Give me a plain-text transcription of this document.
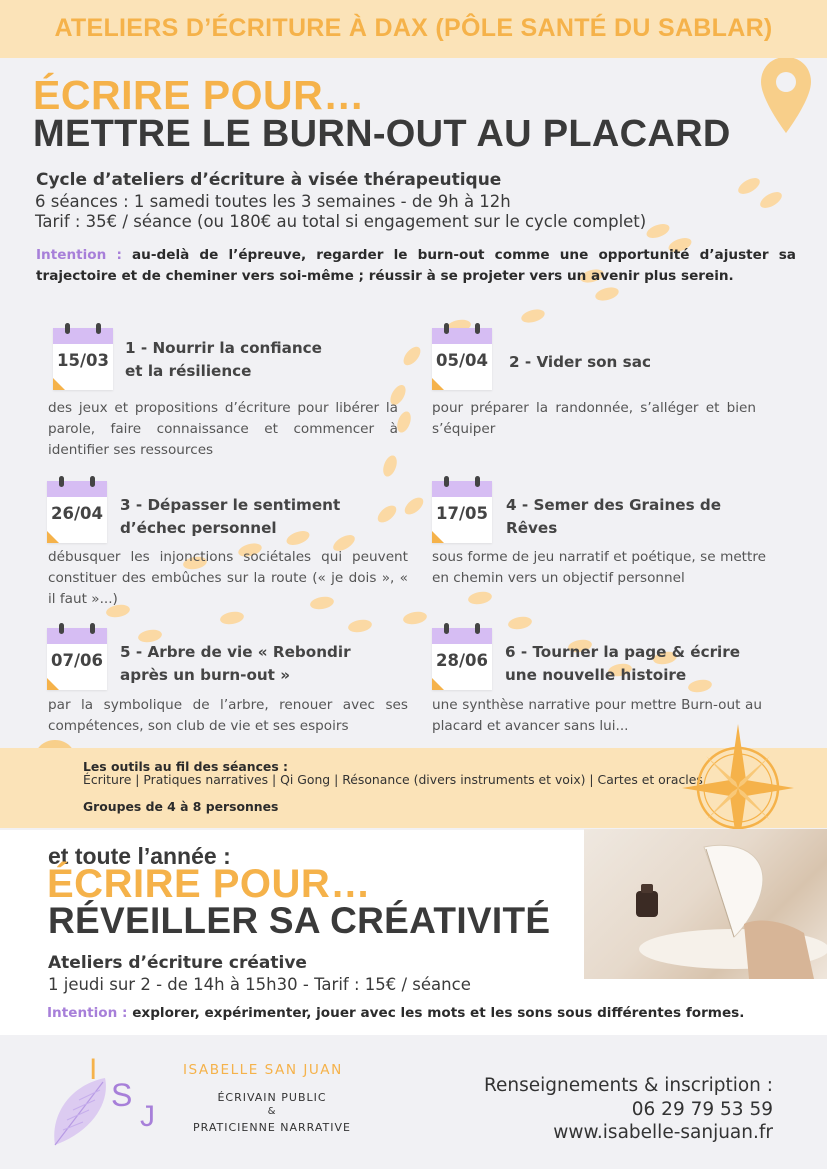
ATELIERS D’ÉCRITURE À DAX (PÔLE SANTÉ DU SABLAR)
ÉCRIRE POUR…
METTRE LE BURN-OUT AU PLACARD
Cycle d’ateliers d’écriture à visée thérapeutique
6 séances : 1 samedi toutes les 3 semaines - de 9h à 12h
Tarif : 35€ / séance (ou 180€ au total si engagement sur le cycle complet)
Intention : au-delà de l’épreuve, regarder le burn-out comme une opportunité d’ajuster sa trajectoire et de cheminer vers soi-même ; réussir à se projeter vers un avenir plus serein.
15/03
1 - Nourrir la confiance
et la résilience
des jeux et propositions d’écriture pour libérer la parole, faire connaissance et commencer à identifier ses ressources
05/04 2 - Vider son sac
pour préparer la randonnée, s’alléger et bien s’équiper
26/04 3 - Dépasser le sentiment
d’échec personnel
débusquer les injonctions sociétales qui peuvent constituer des embûches sur la route (« je dois », « il faut »...)
17/05 4 - Semer des Graines de
Rêves
sous forme de jeu narratif et poétique, se mettre en chemin vers un objectif personnel
07/06 5 - Arbre de vie « Rebondir
après un burn-out »
par la symbolique de l’arbre, renouer avec ses compétences, son club de vie et ses espoirs
28/06 6 - Tourner la page & écrire
une nouvelle histoire
une synthèse narrative pour mettre Burn-out au placard et avancer sans lui...
Les outils au fil des séances :
Écriture | Pratiques narratives | Qi Gong | Résonance (divers instruments et voix) | Cartes et oracles
Groupes de 4 à 8 personnes
et toute l’année :
ÉCRIRE POUR…
RÉVEILLER SA CRÉATIVITÉ
Ateliers d’écriture créative
1 jeudi sur 2 - de 14h à 15h30 - Tarif : 15€ / séance
Intention : explorer, expérimenter, jouer avec les mots et les sons sous différentes formes.
I
S
J
ISABELLE SAN JUAN
ÉCRIVAIN PUBLIC
&
PRATICIENNE NARRATIVE
Renseignements & inscription :
06 29 79 53 59
www.isabelle-sanjuan.fr
